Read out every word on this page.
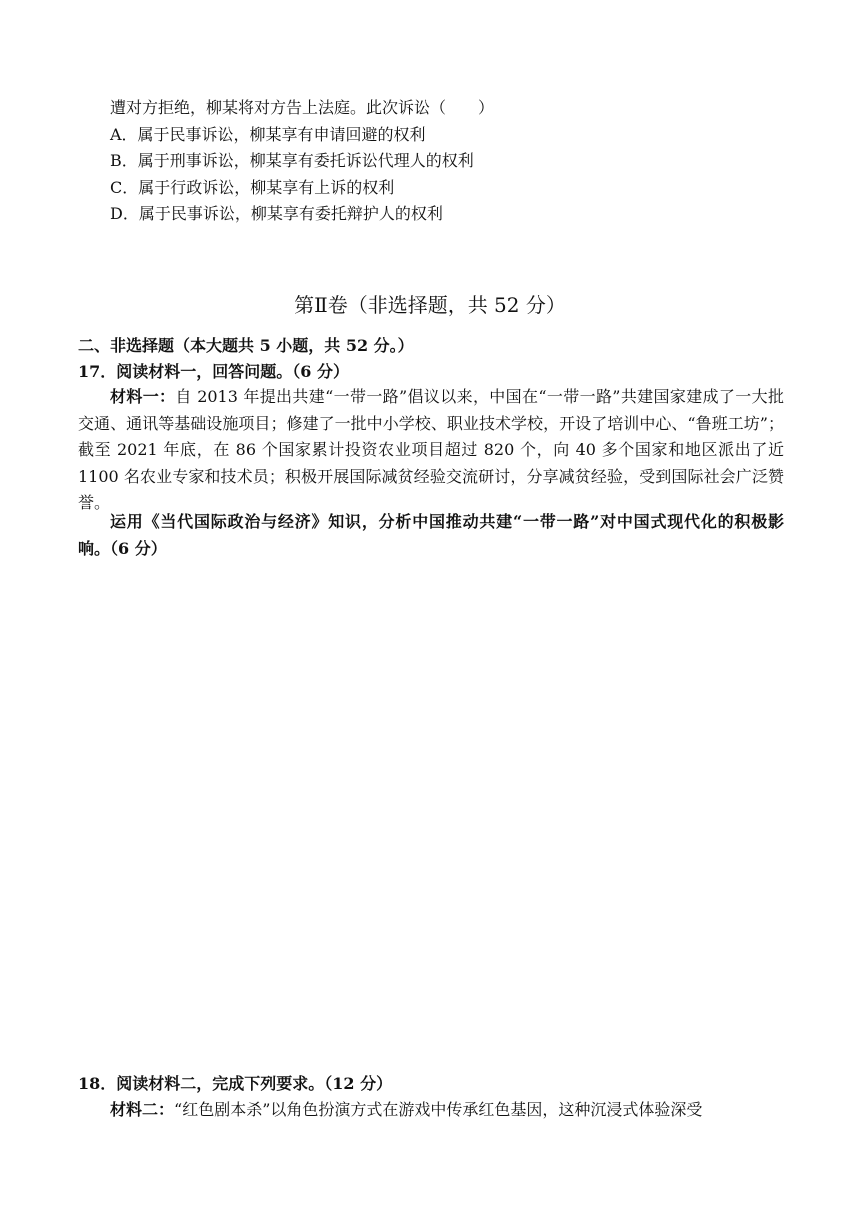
遭对方拒绝，柳某将对方告上法庭。此次诉讼（　　）
A．属于民事诉讼，柳某享有申请回避的权利
B．属于刑事诉讼，柳某享有委托诉讼代理人的权利
C．属于行政诉讼，柳某享有上诉的权利
D．属于民事诉讼，柳某享有委托辩护人的权利
第Ⅱ卷（非选择题，共 52 分）
二、非选择题（本大题共 5 小题，共 52 分。）
17．阅读材料一，回答问题。（6 分）
材料一：自 2013 年提出共建“一带一路”倡议以来，中国在“一带一路”共建国家建成了一大批交通、通讯等基础设施项目；修建了一批中小学校、职业技术学校，开设了培训中心、“鲁班工坊”；截至 2021 年底，在 86 个国家累计投资农业项目超过 820 个，向 40 多个国家和地区派出了近 1100 名农业专家和技术员；积极开展国际减贫经验交流研讨，分享减贫经验，受到国际社会广泛赞誉。
运用《当代国际政治与经济》知识，分析中国推动共建“一带一路”对中国式现代化的积极影响。（6 分）
18．阅读材料二，完成下列要求。（12 分）
材料二：“红色剧本杀”以角色扮演方式在游戏中传承红色基因，这种沉浸式体验深受
